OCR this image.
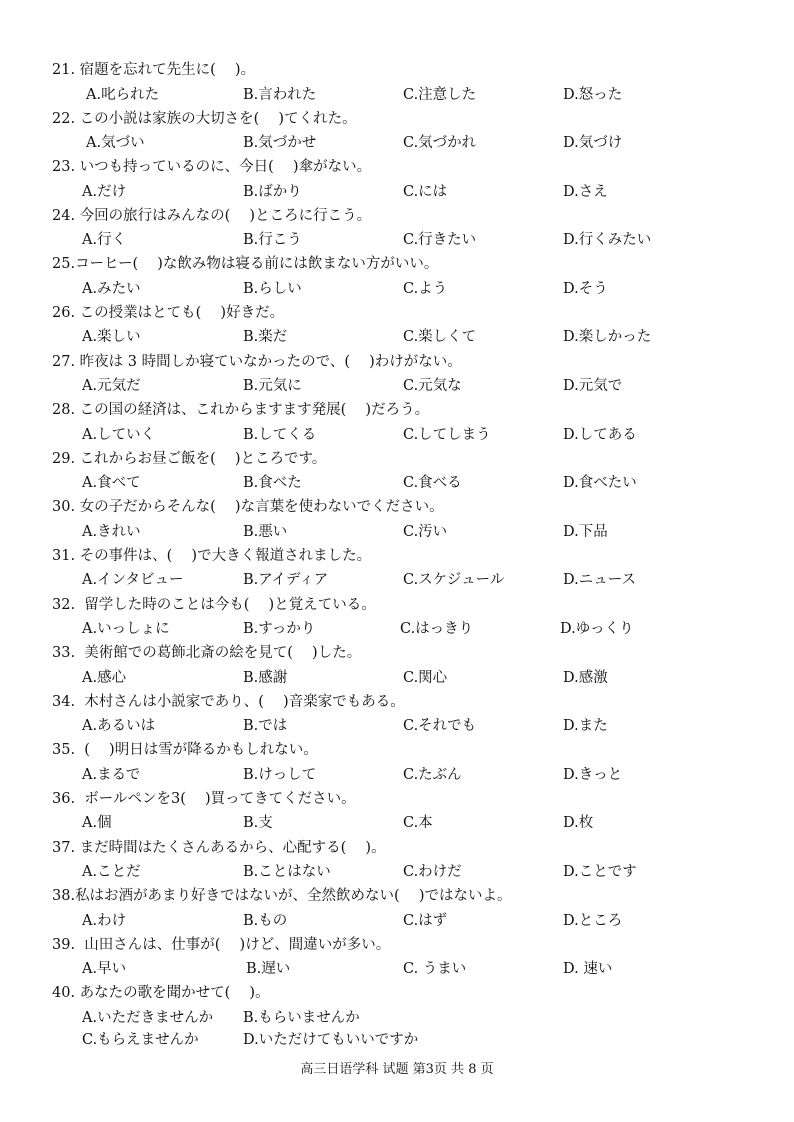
21. 宿題を忘れて先生に(　 )。
A.叱られた	B.言われた	C.注意した	D.怒った
22. この小説は家族の大切さを(　 )てくれた。
A.気づい	B.気づかせ	C.気づかれ	D.気づけ
23. いつも持っているのに、今日(　 )傘がない。
A.だけ	B.ばかり	C.には	D.さえ
24. 今回の旅行はみんなの(　 )ところに行こう。
A.行く	B.行こう	C.行きたい	D.行くみたい
25.コーヒー(　 )な飲み物は寝る前には飲まない方がいい。
A.みたい	B.らしい	C.よう	D.そう
26. この授業はとても(　 )好きだ。
A.楽しい	B.楽だ	C.楽しくて	D.楽しかった
27. 昨夜は 3 時間しか寝ていなかったので、(　 )わけがない。
A.元気だ	B.元気に	C.元気な	D.元気で
28. この国の経済は、これからますます発展(　 )だろう。
A.していく	B.してくる	C.してしまう	D.してある
29. これからお昼ご飯を(　 )ところです。
A.食べて	B.食べた	C.食べる	D.食べたい
30. 女の子だからそんな(　 )な言葉を使わないでください。
A.きれい	B.悪い	C.汚い	D.下品
31. その事件は、(　 )で大きく報道されました。
A.インタビュー	B.アイディア	C.スケジュール	D.ニュース
32. 留学した時のことは今も(　 )と覚えている。
A.いっしょに	B.すっかり	C.はっきり	D.ゆっくり
33. 美術館での葛飾北斎の絵を見て(　 )した。
A.感心	B.感謝	C.関心	D.感激
34. 木村さんは小説家であり、(　 )音楽家でもある。
A.あるいは	B.では	C.それでも	D.また
35. (　 )明日は雪が降るかもしれない。
A.まるで	B.けっして	C.たぶん	D.きっと
36. ボールペンを3(　 )買ってきてください。
A.個	B.支	C.本	D.枚
37. まだ時間はたくさんあるから、心配する(　 )。
A.ことだ	B.ことはない	C.わけだ	D.ことです
38.私はお酒があまり好きではないが、全然飲めない(　 )ではないよ。
A.わけ	B.もの	C.はず	D.ところ
39. 山田さんは、仕事が(　 )けど、間違いが多い。
A.早い	B.遅い	C. うまい	D. 速い
40. あなたの歌を聞かせて(　 )。
A.いただきませんか B.もらいませんか
C.もらえませんか	D.いただけてもいいですか
高三日语学科 试题 第3页 共 8 页
